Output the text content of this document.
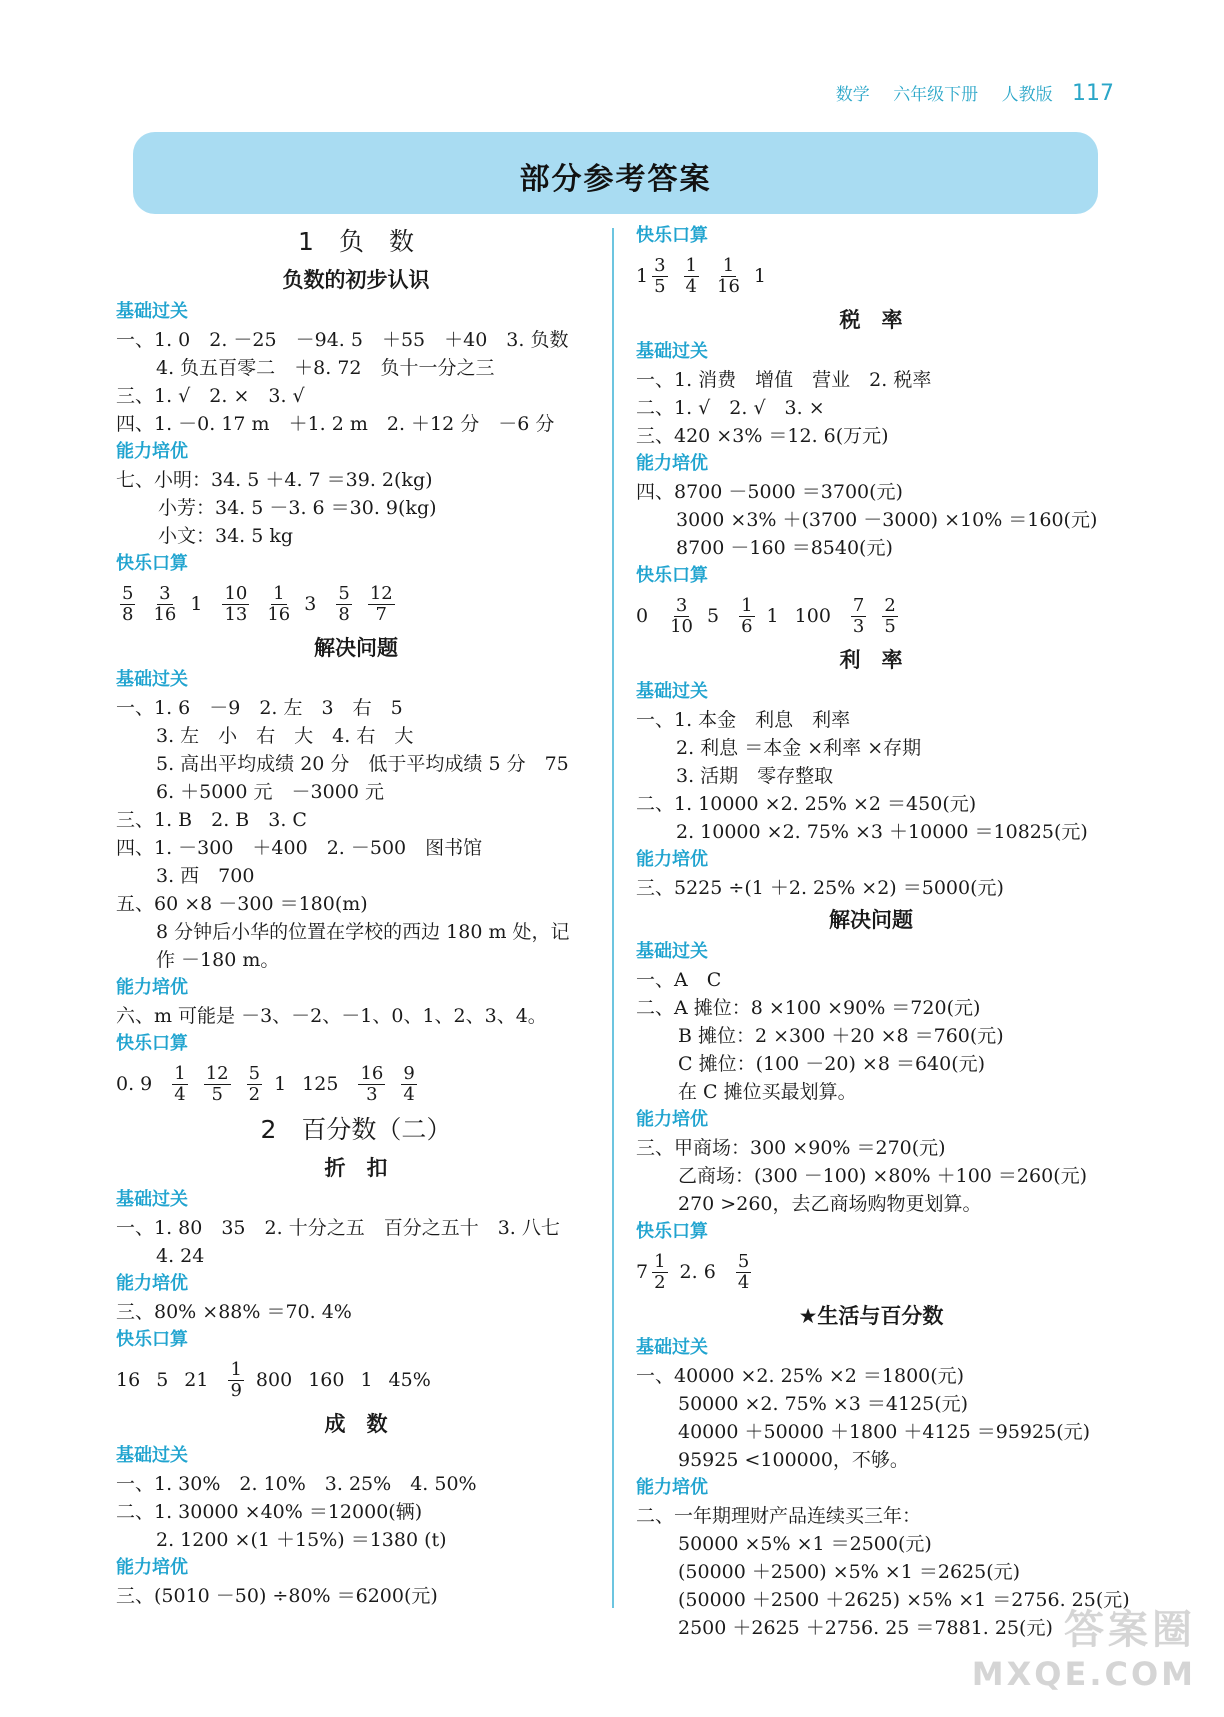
数学 六年级下册 人教版 117
部分参考答案
1　负　数
负数的初步认识
基础过关
一、1. 0　2. －25　－94. 5　＋55　＋40　3. 负数
4. 负五百零二　＋8. 72　负十一分之三
三、1. √　2. ×　3. √
四、1. －0. 17 m　＋1. 2 m　2. ＋12 分　－6 分
能力培优
七、小明：34. 5 ＋4. 7 ＝39. 2(kg)
小芳：34. 5 －3. 6 ＝30. 9(kg)
小文：34. 5 kg
快乐口算
$\frac{5}{8} \frac{3}{16} 1 \frac{10}{13} \frac{1}{16} 3 \frac{5}{8} \frac{12}{7}$
解决问题
基础过关
一、1. 6　－9　2. 左　3　右　5
3. 左　小　右　大　4. 右　大
5. 高出平均成绩 20 分　低于平均成绩 5 分　75
6. ＋5000 元　－3000 元
三、1. B　2. B　3. C
四、1. －300　＋400　2. －500　图书馆
3. 西　700
五、60 ×8 －300 ＝180(m)
8 分钟后小华的位置在学校的西边 180 m 处，记
作 －180 m。
能力培优
六、m 可能是 －3、－2、－1、0、1、2、3、4。
快乐口算
0. $9 \frac{1}{4} \frac{12}{5} \frac{5}{2} 1$ $125 \frac{16}{3} \frac{9}{4}$
2　百分数（二）
折　扣
基础过关
一、1. 80　35　2. 十分之五　百分之五十　3. 八七
4. 24
能力培优
三、80% ×88% ＝70. 4%
快乐口算
16 5 $21 \frac{1}{9} 800$ 160 1 45%
成　数
基础过关
一、1. 30%　2. 10%　3. 25%　4. 50%
二、1. 30000 ×40% ＝12000(辆)
2. 1200 ×(1 ＋15%) ＝1380 (t)
能力培优
三、(5010 －50) ÷80% ＝6200(元)
快乐口算
$1 \frac{3}{5} \frac{1}{4} \frac{1}{16} 1$
税　率
基础过关
一、1. 消费　增值　营业　2. 税率
二、1. √　2. √　3. ×
三、420 ×3% ＝12. 6(万元)
能力培优
四、8700 －5000 ＝3700(元)
3000 ×3% ＋(3700 －3000) ×10% ＝160(元)
8700 －160 ＝8540(元)
快乐口算
$0 \frac{3}{10} 5 \frac{1}{6} 1$ $100 \frac{7}{3} \frac{2}{5}$
利　率
基础过关
一、1. 本金　利息　利率
2. 利息 ＝本金 ×利率 ×存期
3. 活期　零存整取
二、1. 10000 ×2. 25% ×2 ＝450(元)
2. 10000 ×2. 75% ×3 ＋10000 ＝10825(元)
能力培优
三、5225 ÷(1 ＋2. 25% ×2) ＝5000(元)
解决问题
基础过关
一、A　C
二、A 摊位：8 ×100 ×90% ＝720(元)
B 摊位：2 ×300 ＋20 ×8 ＝760(元)
C 摊位：(100 －20) ×8 ＝640(元)
在 C 摊位买最划算。
能力培优
三、甲商场：300 ×90% ＝270(元)
乙商场：(300 －100) ×80% ＋100 ＝260(元)
270 >260，去乙商场购物更划算。
快乐口算
$7 \frac{1}{2} 2$. $6 \frac{5}{4}$
★生活与百分数
基础过关
一、40000 ×2. 25% ×2 ＝1800(元)
50000 ×2. 75% ×3 ＝4125(元)
40000 ＋50000 ＋1800 ＋4125 ＝95925(元)
95925 <100000，不够。
能力培优
二、一年期理财产品连续买三年：
50000 ×5% ×1 ＝2500(元)
(50000 ＋2500) ×5% ×1 ＝2625(元)
(50000 ＋2500 ＋2625) ×5% ×1 ＝2756. 25(元)
2500 ＋2625 ＋2756. 25 ＝7881. 25(元) 答案圈
MXQE.COM
